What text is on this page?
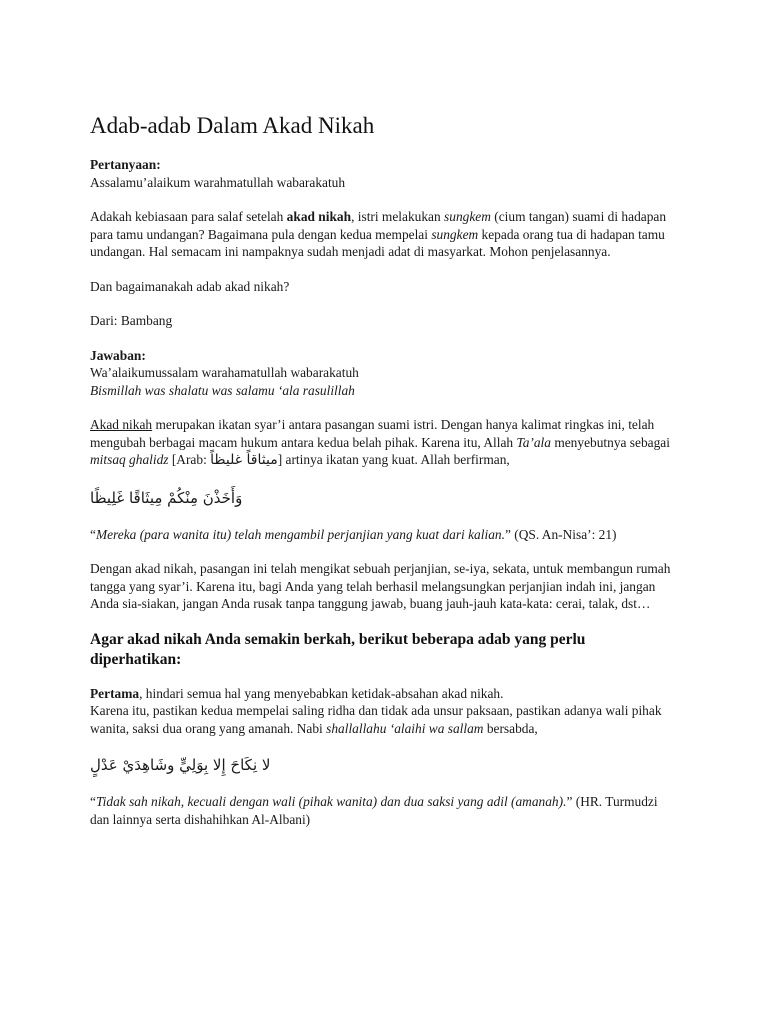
Adab-adab Dalam Akad Nikah

Pertanyaan:
Assalamu’alaikum warahmatullah wabarakatuh

Adakah kebiasaan para salaf setelah akad nikah, istri melakukan sungkem (cium tangan) suami di hadapan para tamu undangan? Bagaimana pula dengan kedua mempelai sungkem kepada orang tua di hadapan tamu undangan. Hal semacam ini nampaknya sudah menjadi adat di masyarkat. Mohon penjelasannya.

Dan bagaimanakah adab akad nikah?

Dari: Bambang

Jawaban:
Wa’alaikumussalam warahamatullah wabarakatuh
Bismillah was shalatu was salamu ‘ala rasulillah

Akad nikah merupakan ikatan syar’i antara pasangan suami istri. Dengan hanya kalimat ringkas ini, telah mengubah berbagai macam hukum antara kedua belah pihak. Karena itu, Allah Ta’ala menyebutnya sebagai mitsaq ghalidz [Arab: ميثاقاً غليظاً] artinya ikatan yang kuat. Allah berfirman,

وَأَخَذْنَ مِنْكُمْ مِيثَاقًا غَلِيظًا

“Mereka (para wanita itu) telah mengambil perjanjian yang kuat dari kalian.” (QS. An-Nisa’: 21)

Dengan akad nikah, pasangan ini telah mengikat sebuah perjanjian, se-iya, sekata, untuk membangun rumah tangga yang syar’i. Karena itu, bagi Anda yang telah berhasil melangsungkan perjanjian indah ini, jangan Anda sia-siakan, jangan Anda rusak tanpa tanggung jawab, buang jauh-jauh kata-kata: cerai, talak, dst…

Agar akad nikah Anda semakin berkah, berikut beberapa adab yang perlu diperhatikan:

Pertama, hindari semua hal yang menyebabkan ketidak-absahan akad nikah.
Karena itu, pastikan kedua mempelai saling ridha dan tidak ada unsur paksaan, pastikan adanya wali pihak wanita, saksi dua orang yang amanah. Nabi shallallahu ‘alaihi wa sallam bersabda,

لا نِكَاحَ إِلا بِوَلِيٍّ وشَاهِدَيْ عَدْلٍ

“Tidak sah nikah, kecuali dengan wali (pihak wanita) dan dua saksi yang adil (amanah).” (HR. Turmudzi dan lainnya serta dishahihkan Al-Albani)
